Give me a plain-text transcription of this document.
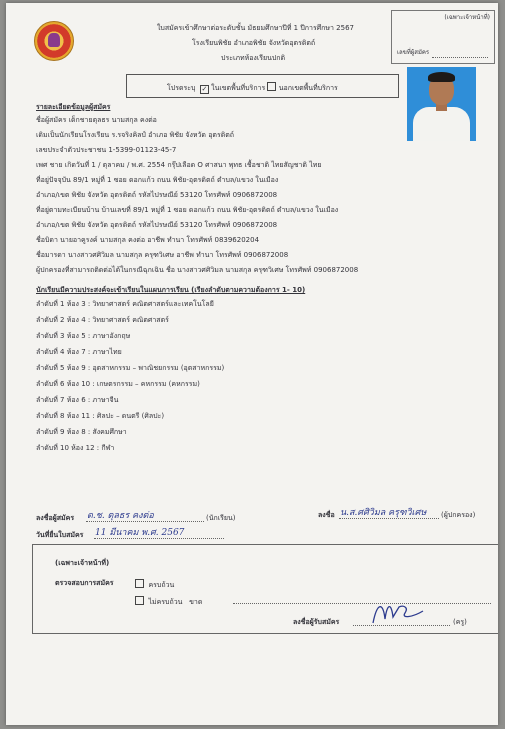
ใบสมัครเข้าศึกษาต่อระดับชั้น มัธยมศึกษาปีที่ 1 ปีการศึกษา 2567
โรงเรียนพิชัย อำเภอพิชัย จังหวัดอุตรดิตถ์
ประเภทห้องเรียนปกติ
(เฉพาะเจ้าหน้าที่)
เลขที่ผู้สมัคร
โปรดระบุ ✓ ในเขตพื้นที่บริการ นอกเขตพื้นที่บริการ
รายละเอียดข้อมูลผู้สมัคร
ชื่อผู้สมัคร เด็กชายตุลธร นามสกุล คงต่อ
เดิมเป็นนักเรียนโรงเรียน ร.รจริงคิลป์ อำเภอ พิชัย จังหวัด อุตรดิตถ์
เลขประจำตัวประชาชน 1-5399-01123-45-7
เพศ ชาย เกิดวันที่ 1 / ตุลาคม / พ.ศ. 2554 กรุ๊ปเลือด O ศาสนา พุทธ เชื้อชาติ ไทยสัญชาติ ไทย
ที่อยู่ปัจจุบัน 89/1 หมู่ที่ 1 ซอย ดอกแก้ว ถนน พิชัย-อุตรดิตถ์ ตำบล/แขวง ในเมือง
อำเภอ/เขต พิชัย จังหวัด อุตรดิตถ์ รหัสไปรษณีย์ 53120 โทรศัพท์ 0906872008
ที่อยู่ตามทะเบียนบ้าน บ้านเลขที่ 89/1 หมู่ที่ 1 ซอย ดอกแก้ว ถนน พิชัย-อุตรดิตถ์ ตำบล/แขวง ในเมือง
อำเภอ/เขต พิชัย จังหวัด อุตรดิตถ์ รหัสไปรษณีย์ 53120 โทรศัพท์ 0906872008
ชื่อบิดา นายอาคูรงค์ นามสกุล คงต่อ อาชีพ ทำนา โทรศัพท์ 0839620204
ชื่อมารดา นางสาวศศิวิมล นามสกุล ครุฑวิเศษ อาชีพ ทำนา โทรศัพท์ 0906872008
ผู้ปกครองที่สามารถติดต่อได้ในกรณีฉุกเฉิน ชื่อ นางสาวศศิวิมล นามสกุล ครุฑวิเศษ โทรศัพท์ 0906872008
นักเรียนมีความประสงค์จะเข้าเรียนในแผนการเรียน (เรียงลำดับตามความต้องการ 1- 10)
ลำดับที่ 1 ห้อง 3 : วิทยาศาสตร์ คณิตศาสตร์และเทคโนโลยี
ลำดับที่ 2 ห้อง 4 : วิทยาศาสตร์ คณิตศาสตร์
ลำดับที่ 3 ห้อง 5 : ภาษาอังกฤษ
ลำดับที่ 4 ห้อง 7 : ภาษาไทย
ลำดับที่ 5 ห้อง 9 : อุตสาหกรรม – พาณิชยกรรม (อุตสาหกรรม)
ลำดับที่ 6 ห้อง 10 : เกษตรกรรม – คหกรรม (คหกรรม)
ลำดับที่ 7 ห้อง 6 : ภาษาจีน
ลำดับที่ 8 ห้อง 11 : ศิลปะ – ดนตรี (ศิลปะ)
ลำดับที่ 9 ห้อง 8 : สังคมศึกษา
ลำดับที่ 10 ห้อง 12 : กีฬา
ลงชื่อผู้สมัคร ด.ช. ตุลธร คงต่อ	(นักเรียน)
วันที่ยื่นใบสมัคร 11 มีนาคม พ.ศ. 2567
ลงชื่อ น.ส.ศศิวิมล ครุฑวิเศษ (ผู้ปกครอง)
(เฉพาะเจ้าหน้าที่)
ตรวจสอบการสมัคร	ครบถ้วน
ไม่ครบถ้วน ขาด
ลงชื่อผู้รับสมัคร	(ครู)
